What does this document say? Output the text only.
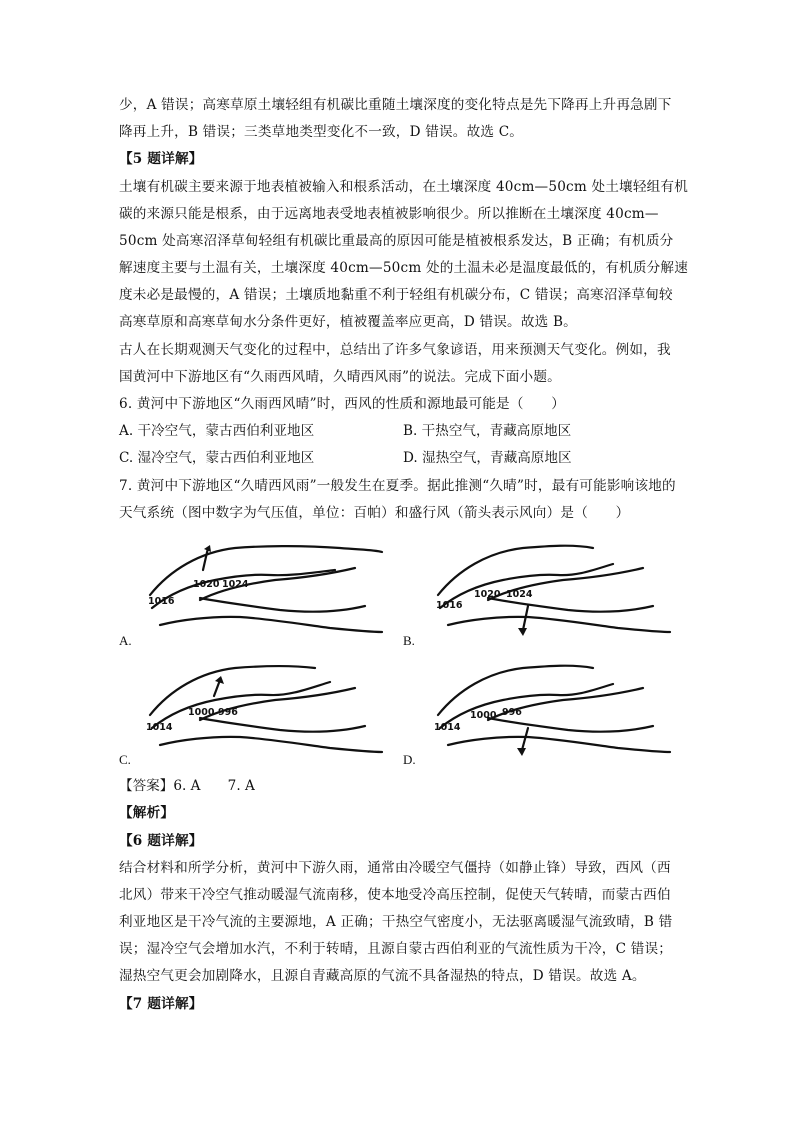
少，A 错误；高寒草原土壤轻组有机碳比重随土壤深度的变化特点是先下降再上升再急剧下
降再上升，B 错误；三类草地类型变化不一致，D 错误。故选 C。
【5 题详解】
土壤有机碳主要来源于地表植被输入和根系活动，在土壤深度 40cm—50cm 处土壤轻组有机
碳的来源只能是根系，由于远离地表受地表植被影响很少。所以推断在土壤深度 40cm—
50cm 处高寒沼泽草甸轻组有机碳比重最高的原因可能是植被根系发达，B 正确；有机质分
解速度主要与土温有关，土壤深度 40cm—50cm 处的土温未必是温度最低的，有机质分解速
度未必是最慢的，A 错误；土壤质地黏重不利于轻组有机碳分布，C 错误；高寒沼泽草甸较
高寒草原和高寒草甸水分条件更好，植被覆盖率应更高，D 错误。故选 B。
古人在长期观测天气变化的过程中，总结出了许多气象谚语，用来预测天气变化。例如，我
国黄河中下游地区有“久雨西风晴，久晴西风雨”的说法。完成下面小题。
6. 黄河中下游地区“久雨西风晴”时，西风的性质和源地最可能是（　　）
A. 干冷空气，蒙古西伯利亚地区	B. 干热空气，青藏高原地区
C. 湿冷空气，蒙古西伯利亚地区	D. 湿热空气，青藏高原地区
7. 黄河中下游地区“久晴西风雨”一般发生在夏季。据此推测“久晴”时，最有可能影响该地的
天气系统（图中数字为气压值，单位：百帕）和盛行风（箭头表示风向）是（　　）
1016
1020 1024
A.
1016
1020 1024
B.
1014
1000 996
C.
1014
1000 996
D.
【答案】6. A　　7. A
【解析】
【6 题详解】
结合材料和所学分析，黄河中下游久雨，通常由冷暖空气僵持（如静止锋）导致，西风（西
北风）带来干冷空气推动暖湿气流南移，使本地受冷高压控制，促使天气转晴，而蒙古西伯
利亚地区是干冷气流的主要源地，A 正确；干热空气密度小，无法驱离暖湿气流致晴，B 错
误；湿冷空气会增加水汽，不利于转晴，且源自蒙古西伯利亚的气流性质为干冷，C 错误；
湿热空气更会加剧降水，且源自青藏高原的气流不具备湿热的特点，D 错误。故选 A。
【7 题详解】
